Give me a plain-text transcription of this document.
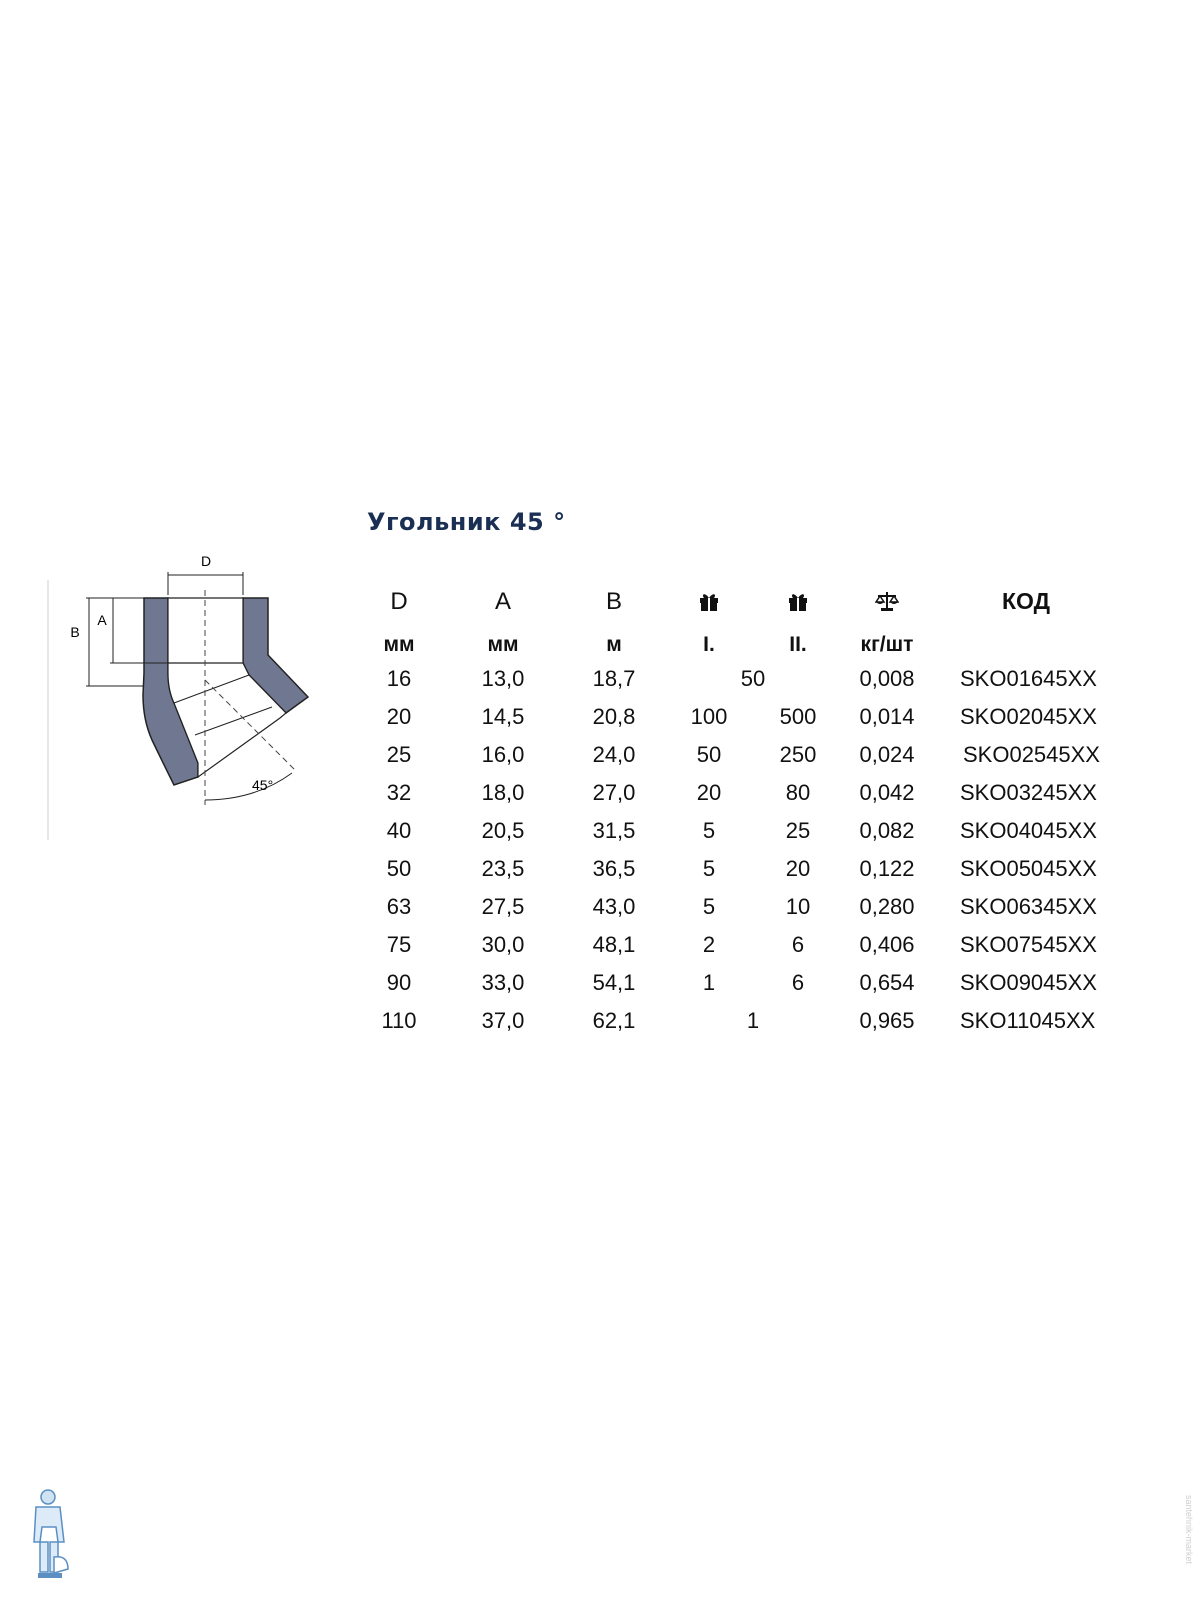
Угольник 45 °
D
B
A
45°
D	A	B	КОД
мм	мм	м	I.	II.	кг/шт
16	13,0	18,7	50	0,008 SKO01645XX
20	14,5	20,8	100 500 0,014 SKO02045XX
25	16,0	24,0	50	250 0,024 SKO02545XX
32	18,0	27,0	20	80 0,042 SKO03245XX
40	20,5	31,5	5	25 0,082 SKO04045XX
50	23,5	36,5	5	20 0,122 SKO05045XX
63	27,5	43,0	5	10 0,280 SKO06345XX
75	30,0	48,1	2	6	0,406 SKO07545XX
90	33,0	54,1	1	6	0,654 SKO09045XX
110	37,0	62,1	1	0,965 SKO11045XX
santehnik-market
